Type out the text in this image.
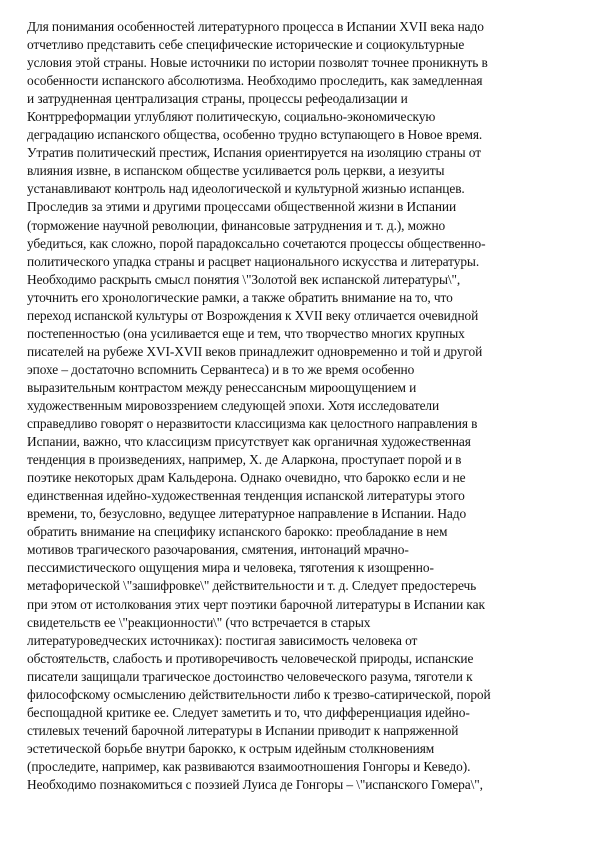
Для понимания особенностей литературного процесса в Испании XVII века надо
отчетливо представить себе специфические исторические и социокультурные
условия этой страны. Новые источники по истории позволят точнее проникнуть в
особенности испанского абсолютизма. Необходимо проследить, как замедленная
и затрудненная централизация страны, процессы рефеодализации и
Контрреформации углубляют политическую, социально-экономическую
деградацию испанского общества, особенно трудно вступающего в Новое время.
Утратив политический престиж, Испания ориентируется на изоляцию страны от
влияния извне, в испанском обществе усиливается роль церкви, а иезуиты
устанавливают контроль над идеологической и культурной жизнью испанцев.
Проследив за этими и другими процессами общественной жизни в Испании
(торможение научной революции, финансовые затруднения и т. д.), можно
убедиться, как сложно, порой парадоксально сочетаются процессы общественно-
политического упадка страны и расцвет национального искусства и литературы.
Необходимо раскрыть смысл понятия \"Золотой век испанской литературы\",
уточнить его хронологические рамки, а также обратить внимание на то, что
переход испанской культуры от Возрождения к XVII веку отличается очевидной
постепенностью (она усиливается еще и тем, что творчество многих крупных
писателей на рубеже XVI-XVII веков принадлежит одновременно и той и другой
эпохе – достаточно вспомнить Сервантеса) и в то же время особенно
выразительным контрастом между ренессансным мироощущением и
художественным мировоззрением следующей эпохи. Хотя исследователи
справедливо говорят о неразвитости классицизма как целостного направления в
Испании, важно, что классицизм присутствует как органичная художественная
тенденция в произведениях, например, Х. де Аларкона, проступает порой и в
поэтике некоторых драм Кальдерона. Однако очевидно, что барокко если и не
единственная идейно-художественная тенденция испанской литературы этого
времени, то, безусловно, ведущее литературное направление в Испании. Надо
обратить внимание на специфику испанского барокко: преобладание в нем
мотивов трагического разочарования, смятения, интонаций мрачно-
пессимистического ощущения мира и человека, тяготения к изощренно-
метафорической \"зашифровке\" действительности и т. д. Следует предостеречь
при этом от истолкования этих черт поэтики барочной литературы в Испании как
свидетельств ее \"реакционности\" (что встречается в старых
литературоведческих источниках): постигая зависимость человека от
обстоятельств, слабость и противоречивость человеческой природы, испанские
писатели защищали трагическое достоинство человеческого разума, тяготели к
философскому осмыслению действительности либо к трезво-сатирической, порой
беспощадной критике ее. Следует заметить и то, что дифференциация идейно-
стилевых течений барочной литературы в Испании приводит к напряженной
эстетической борьбе внутри барокко, к острым идейным столкновениям
(проследите, например, как развиваются взаимоотношения Гонгоры и Кеведо).
Необходимо познакомиться с поэзией Луиса де Гонгоры – \"испанского Гомера\",
